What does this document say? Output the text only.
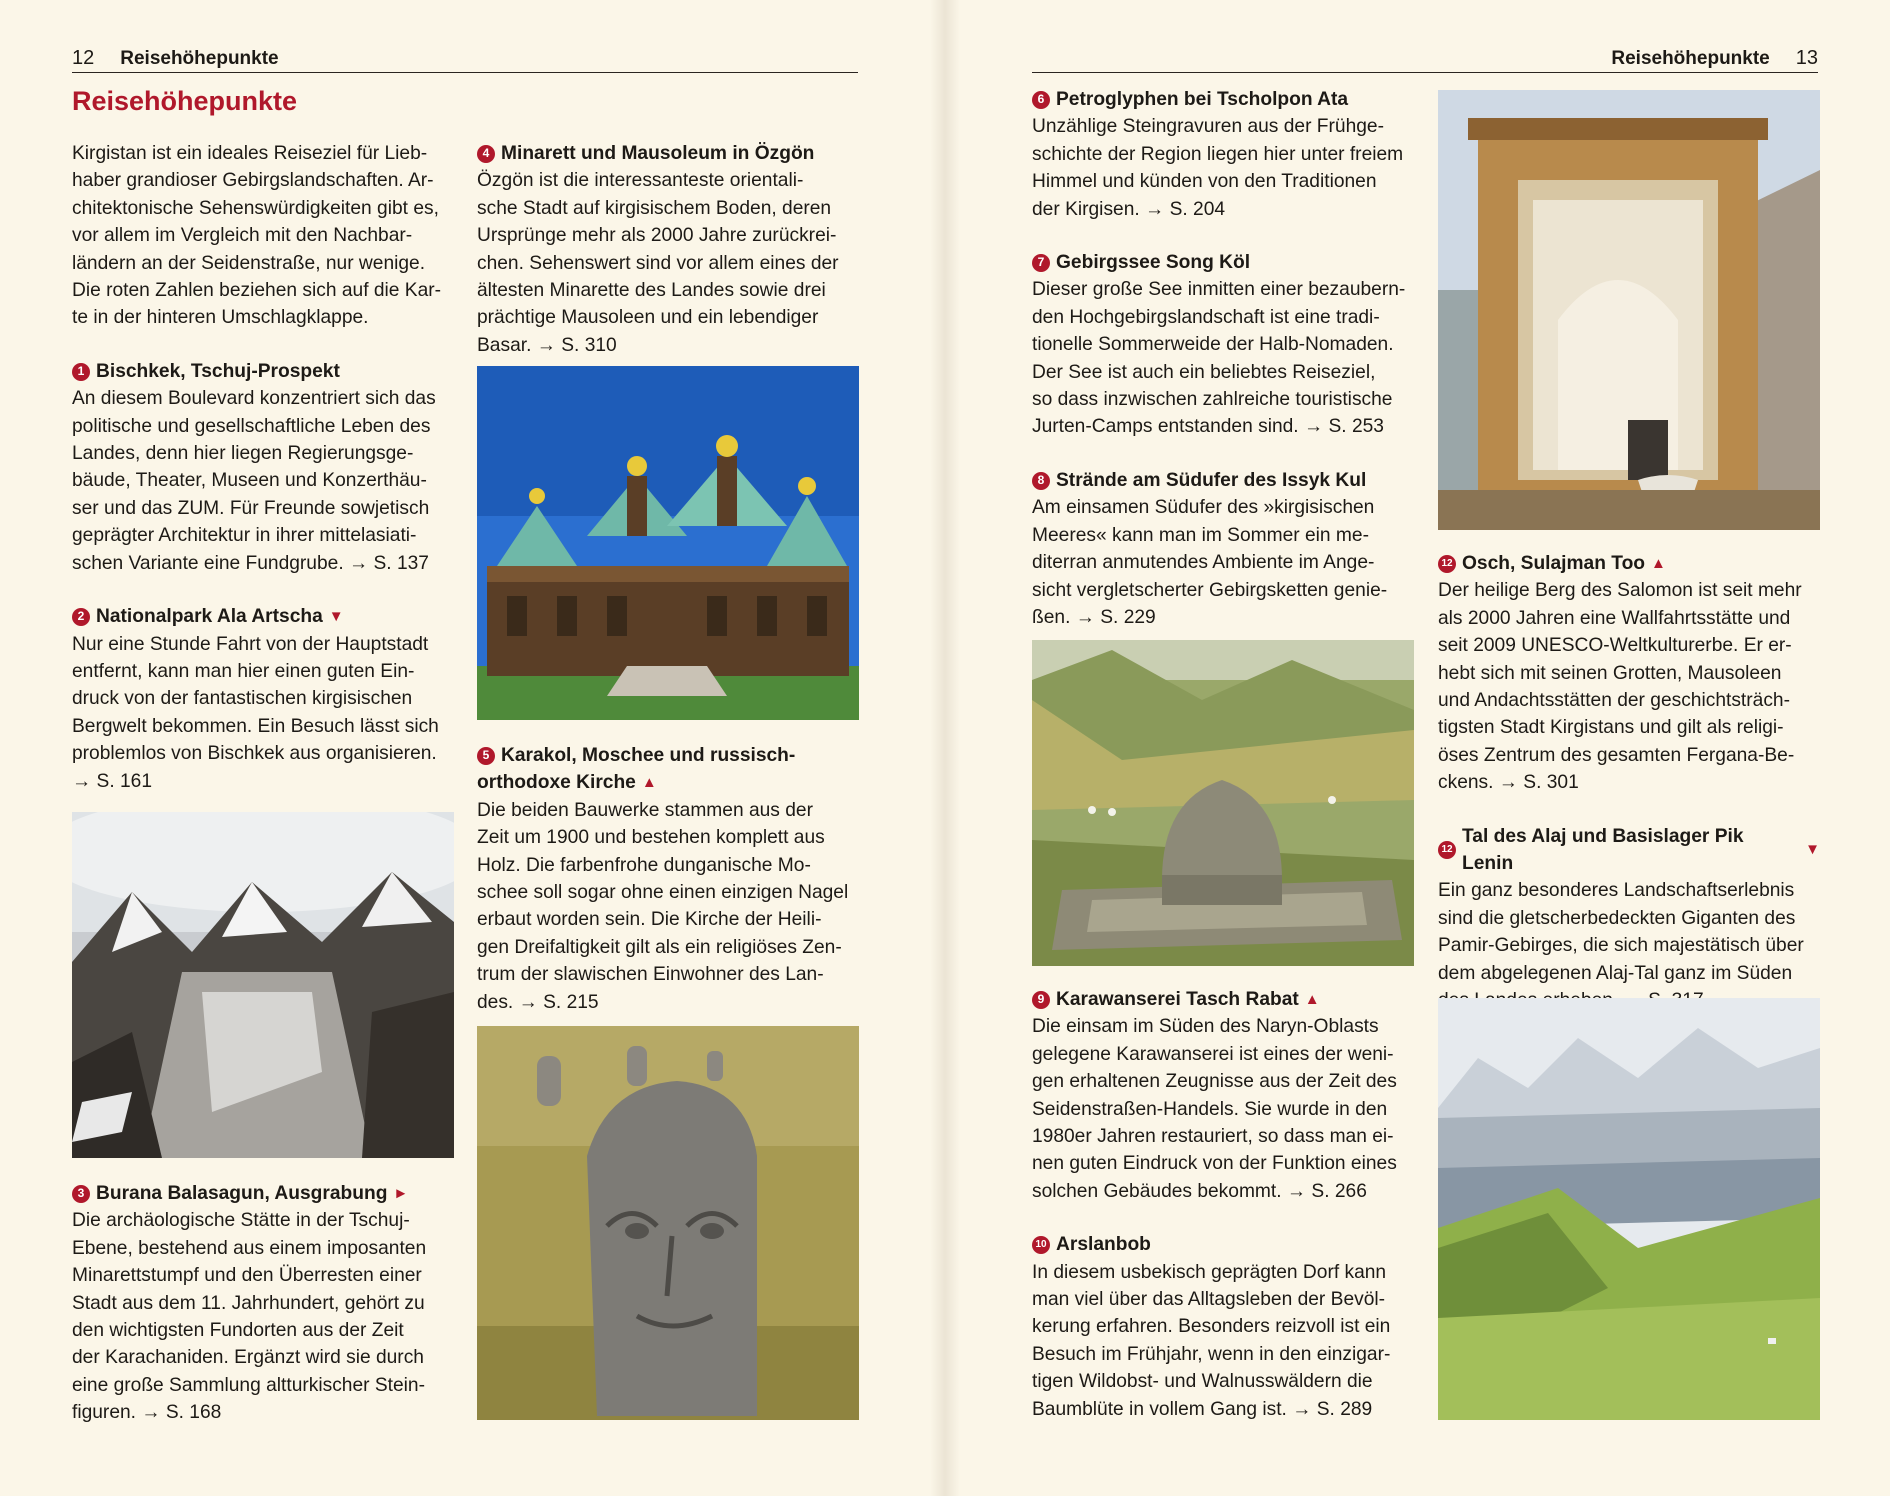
12 Reisehöhepunkte
Reisehöhepunkte

Kirgistan ist ein ideales Reiseziel für Lieb-

haber grandioser Gebirgslandschaften. Ar-

chitektonische Sehenswürdigkeiten gibt es,

vor allem im Vergleich mit den Nachbar-

ländern an der Seidenstraße, nur wenige.

Die roten Zahlen beziehen sich auf die Kar-

te in der hinteren Umschlagklappe.

1 Bischkek, Tschuj-Prospekt

An diesem Boulevard konzentriert sich das

politische und gesellschaftliche Leben des

Landes, denn hier liegen Regierungsge-

bäude, Theater, Museen und Konzerthäu-

ser und das ZUM. Für Freunde sowjetisch

geprägter Architektur in ihrer mittelasiati-

schen Variante eine Fundgrube. → S. 137

2 Nationalpark Ala Artscha ▼

Nur eine Stunde Fahrt von der Hauptstadt

entfernt, kann man hier einen guten Ein-

druck von der fantastischen kirgisischen

Bergwelt bekommen. Ein Besuch lässt sich

problemlos von Bischkek aus organisieren.

→ S. 161

3 Burana Balasagun, Ausgrabung ►

Die archäologische Stätte in der Tschuj-

Ebene, bestehend aus einem imposanten

Minarettstumpf und den Überresten einer

Stadt aus dem 11. Jahrhundert, gehört zu

den wichtigsten Fundorten aus der Zeit

der Karachaniden. Ergänzt wird sie durch

eine große Sammlung altturkischer Stein-

figuren. → S. 168

4 Minarett und Mausoleum in Özgön

Özgön ist die interessanteste orientali-

sche Stadt auf kirgisischem Boden, deren

Ursprünge mehr als 2000 Jahre zurückrei-

chen. Sehenswert sind vor allem eines der

ältesten Minarette des Landes sowie drei

prächtige Mausoleen und ein lebendiger

Basar. → S. 310

5 Karakol, Moschee und russisch-
orthodoxe Kirche ▲

Die beiden Bauwerke stammen aus der

Zeit um 1900 und bestehen komplett aus

Holz. Die farbenfrohe dunganische Mo-

schee soll sogar ohne einen einzigen Nagel

erbaut worden sein. Die Kirche der Heili-

gen Dreifaltigkeit gilt als ein religiöses Zen-

trum der slawischen Einwohner des Lan-

des. → S. 215

Reisehöhepunkte 13
6 Petroglyphen bei Tscholpon Ata

Unzählige Steingravuren aus der Frühge-

schichte der Region liegen hier unter freiem

Himmel und künden von den Traditionen

der Kirgisen. → S. 204

7 Gebirgssee Song Köl

Dieser große See inmitten einer bezaubern-

den Hochgebirgslandschaft ist eine tradi-

tionelle Sommerweide der Halb-Nomaden.

Der See ist auch ein beliebtes Reiseziel,

so dass inzwischen zahlreiche touristische

Jurten-Camps entstanden sind. → S. 253

8 Strände am Südufer des Issyk Kul

Am einsamen Südufer des »kirgisischen

Meeres« kann man im Sommer ein me-

diterran anmutendes Ambiente im Ange-

sicht vergletscherter Gebirgsketten genie-

ßen. → S. 229

9 Karawanserei Tasch Rabat ▲

Die einsam im Süden des Naryn-Oblasts

gelegene Karawanserei ist eines der weni-

gen erhaltenen Zeugnisse aus der Zeit des

Seidenstraßen-Handels. Sie wurde in den

1980er Jahren restauriert, so dass man ei-

nen guten Eindruck von der Funktion eines

solchen Gebäudes bekommt. → S. 266

10 Arslanbob

In diesem usbekisch geprägten Dorf kann

man viel über das Alltagsleben der Bevöl-

kerung erfahren. Besonders reizvoll ist ein

Besuch im Frühjahr, wenn in den einzigar-

tigen Wildobst- und Walnusswäldern die

Baumblüte in vollem Gang ist. → S. 289

12 Osch, Sulajman Too ▲

Der heilige Berg des Salomon ist seit mehr

als 2000 Jahren eine Wallfahrtsstätte und

seit 2009 UNESCO-Weltkulturerbe. Er er-

hebt sich mit seinen Grotten, Mausoleen

und Andachtsstätten der geschichtsträch-

tigsten Stadt Kirgistans und gilt als religi-

öses Zentrum des gesamten Fergana-Be-

ckens. → S. 301

12
Tal des Alaj und Basislager Pik Lenin
▼

Ein ganz besonderes Landschaftserlebnis

sind die gletscherbedeckten Giganten des

Pamir-Gebirges, die sich majestätisch über

dem abgelegenen Alaj-Tal ganz im Süden
